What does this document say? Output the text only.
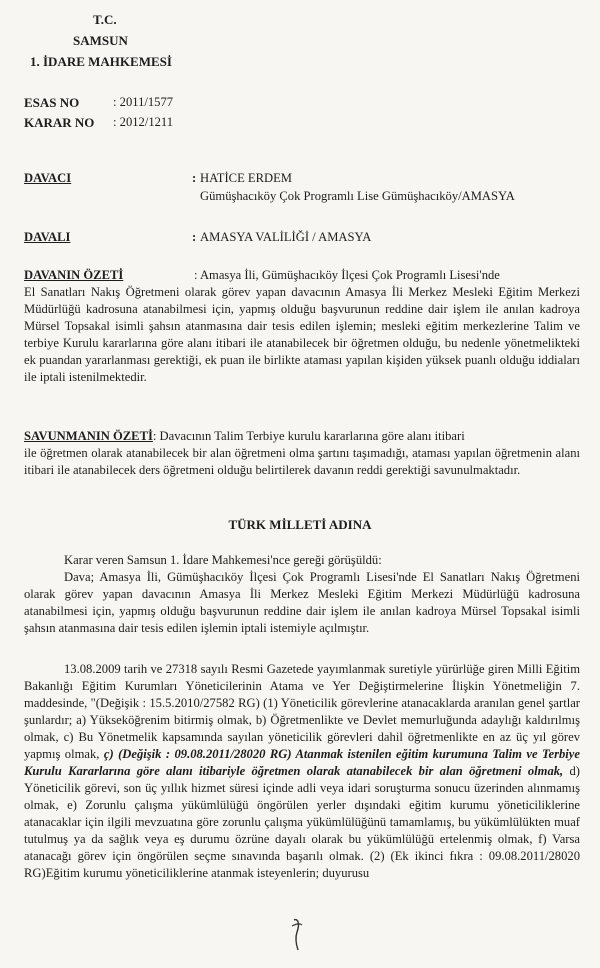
T.C.
SAMSUN
1. İDARE MAHKEMESİ
ESAS NO	: 2011/1577
KARAR NO : 2012/1211
DAVACI	: HATİCE ERDEM
Gümüşhacıköy Çok Programlı Lise Gümüşhacıköy/AMASYA
DAVALI	: AMASYA VALİLİĞİ / AMASYA
DAVANIN ÖZETİ	: Amasya İli, Gümüşhacıköy İlçesi Çok Programlı Lisesi'nde
El Sanatları Nakış Öğretmeni olarak görev yapan davacının Amasya İli Merkez Mesleki Eğitim Merkezi Müdürlüğü kadrosuna atanabilmesi için, yapmış olduğu başvurunun reddine dair işlem ile anılan kadroya Mürsel Topsakal isimli şahsın atanmasına dair tesis edilen işlemin; mesleki eğitim merkezlerine Talim ve terbiye Kurulu kararlarına göre alanı itibari ile atanabilecek bir öğretmen olduğu, bu nedenle yönetmelikteki ek puandan yararlanması gerektiği, ek puan ile birlikte ataması yapılan kişiden yüksek puanlı olduğu iddiaları ile iptali istenilmektedir.
SAVUNMANIN ÖZETİ: Davacının Talim Terbiye kurulu kararlarına göre alanı itibari
ile öğretmen olarak atanabilecek bir alan öğretmeni olma şartını taşımadığı, ataması yapılan öğretmenin alanı itibari ile atanabilecek ders öğretmeni olduğu belirtilerek davanın reddi gerektiği savunulmaktadır.
TÜRK MİLLETİ ADINA
Karar veren Samsun 1. İdare Mahkemesi'nce gereği görüşüldü:
Dava; Amasya İli, Gümüşhacıköy İlçesi Çok Programlı Lisesi'nde El Sanatları Nakış Öğretmeni olarak görev yapan davacının Amasya İli Merkez Mesleki Eğitim Merkezi Müdürlüğü kadrosuna atanabilmesi için, yapmış olduğu başvurunun reddine dair işlem ile anılan kadroya Mürsel Topsakal isimli şahsın atanmasına dair tesis edilen işlemin iptali istemiyle açılmıştır.
13.08.2009 tarih ve 27318 sayılı Resmi Gazetede yayımlanmak suretiyle yürürlüğe giren Milli Eğitim Bakanlığı Eğitim Kurumları Yöneticilerinin Atama ve Yer Değiştirmelerine İlişkin Yönetmeliğin 7. maddesinde, "(Değişik : 15.5.2010/27582 RG) (1) Yöneticilik görevlerine atanacaklarda aranılan genel şartlar şunlardır; a) Yükseköğrenim bitirmiş olmak, b) Öğretmenlikte ve Devlet memurluğunda adaylığı kaldırılmış olmak, c) Bu Yönetmelik kapsamında sayılan yöneticilik görevleri dahil öğretmenlikte en az üç yıl görev yapmış olmak, ç) (Değişik : 09.08.2011/28020 RG) Atanmak istenilen eğitim kurumuna Talim ve Terbiye Kurulu Kararlarına göre alanı itibariyle öğretmen olarak atanabilecek bir alan öğretmeni olmak, d) Yöneticilik görevi, son üç yıllık hizmet süresi içinde adli veya idari soruşturma sonucu üzerinden alınmamış olmak, e) Zorunlu çalışma yükümlülüğü öngörülen yerler dışındaki eğitim kurumu yöneticiliklerine atanacaklar için ilgili mevzuatına göre zorunlu çalışma yükümlülüğünü tamamlamış, bu yükümlülükten muaf tutulmuş ya da sağlık veya eş durumu özrüne dayalı olarak bu yükümlülüğü ertelenmiş olmak, f) Varsa atanacağı görev için öngörülen seçme sınavında başarılı olmak. (2) (Ek ikinci fıkra : 09.08.2011/28020 RG)Eğitim kurumu yöneticiliklerine atanmak isteyenlerin; duyurusu
